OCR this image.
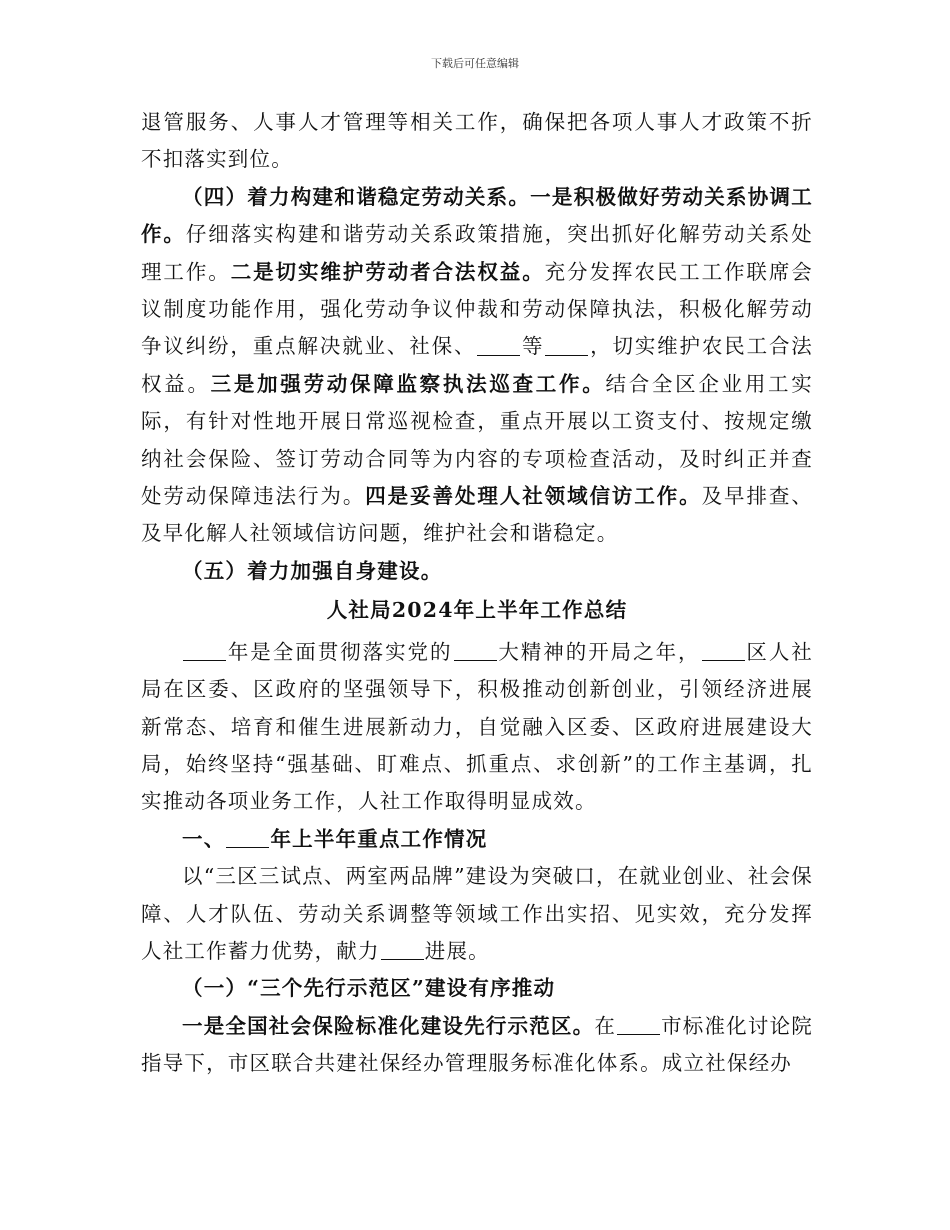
下载后可任意编辑

退管服务、人事人才管理等相关工作，确保把各项人事人才政策不折不扣落实到位。

（四）着力构建和谐稳定劳动关系。一是积极做好劳动关系协调工作。仔细落实构建和谐劳动关系政策措施，突出抓好化解劳动关系处理工作。二是切实维护劳动者合法权益。充分发挥农民工工作联席会议制度功能作用，强化劳动争议仲裁和劳动保障执法，积极化解劳动争议纠纷，重点解决就业、社保、 等 ，切实维护农民工合法权益。三是加强劳动保障监察执法巡查工作。结合全区企业用工实际，有针对性地开展日常巡视检查，重点开展以工资支付、按规定缴纳社会保险、签订劳动合同等为内容的专项检查活动，及时纠正并查处劳动保障违法行为。四是妥善处理人社领域信访工作。及早排查、及早化解人社领域信访问题，维护社会和谐稳定。

（五）着力加强自身建设。

人社局2024年上半年工作总结

年是全面贯彻落实党的 大精神的开局之年， 区人社局在区委、区政府的坚强领导下，积极推动创新创业，引领经济进展新常态、培育和催生进展新动力，自觉融入区委、区政府进展建设大局，始终坚持“强基础、盯难点、抓重点、求创新”的工作主基调，扎实推动各项业务工作，人社工作取得明显成效。

一、 年上半年重点工作情况

以“三区三试点、两室两品牌”建设为突破口，在就业创业、社会保障、人才队伍、劳动关系调整等领域工作出实招、见实效，充分发挥人社工作蓄力优势，献力 进展。

（一）“三个先行示范区”建设有序推动

一是全国社会保险标准化建设先行示范区。在 市标准化讨论院指导下，市区联合共建社保经办管理服务标准化体系。成立社保经办
